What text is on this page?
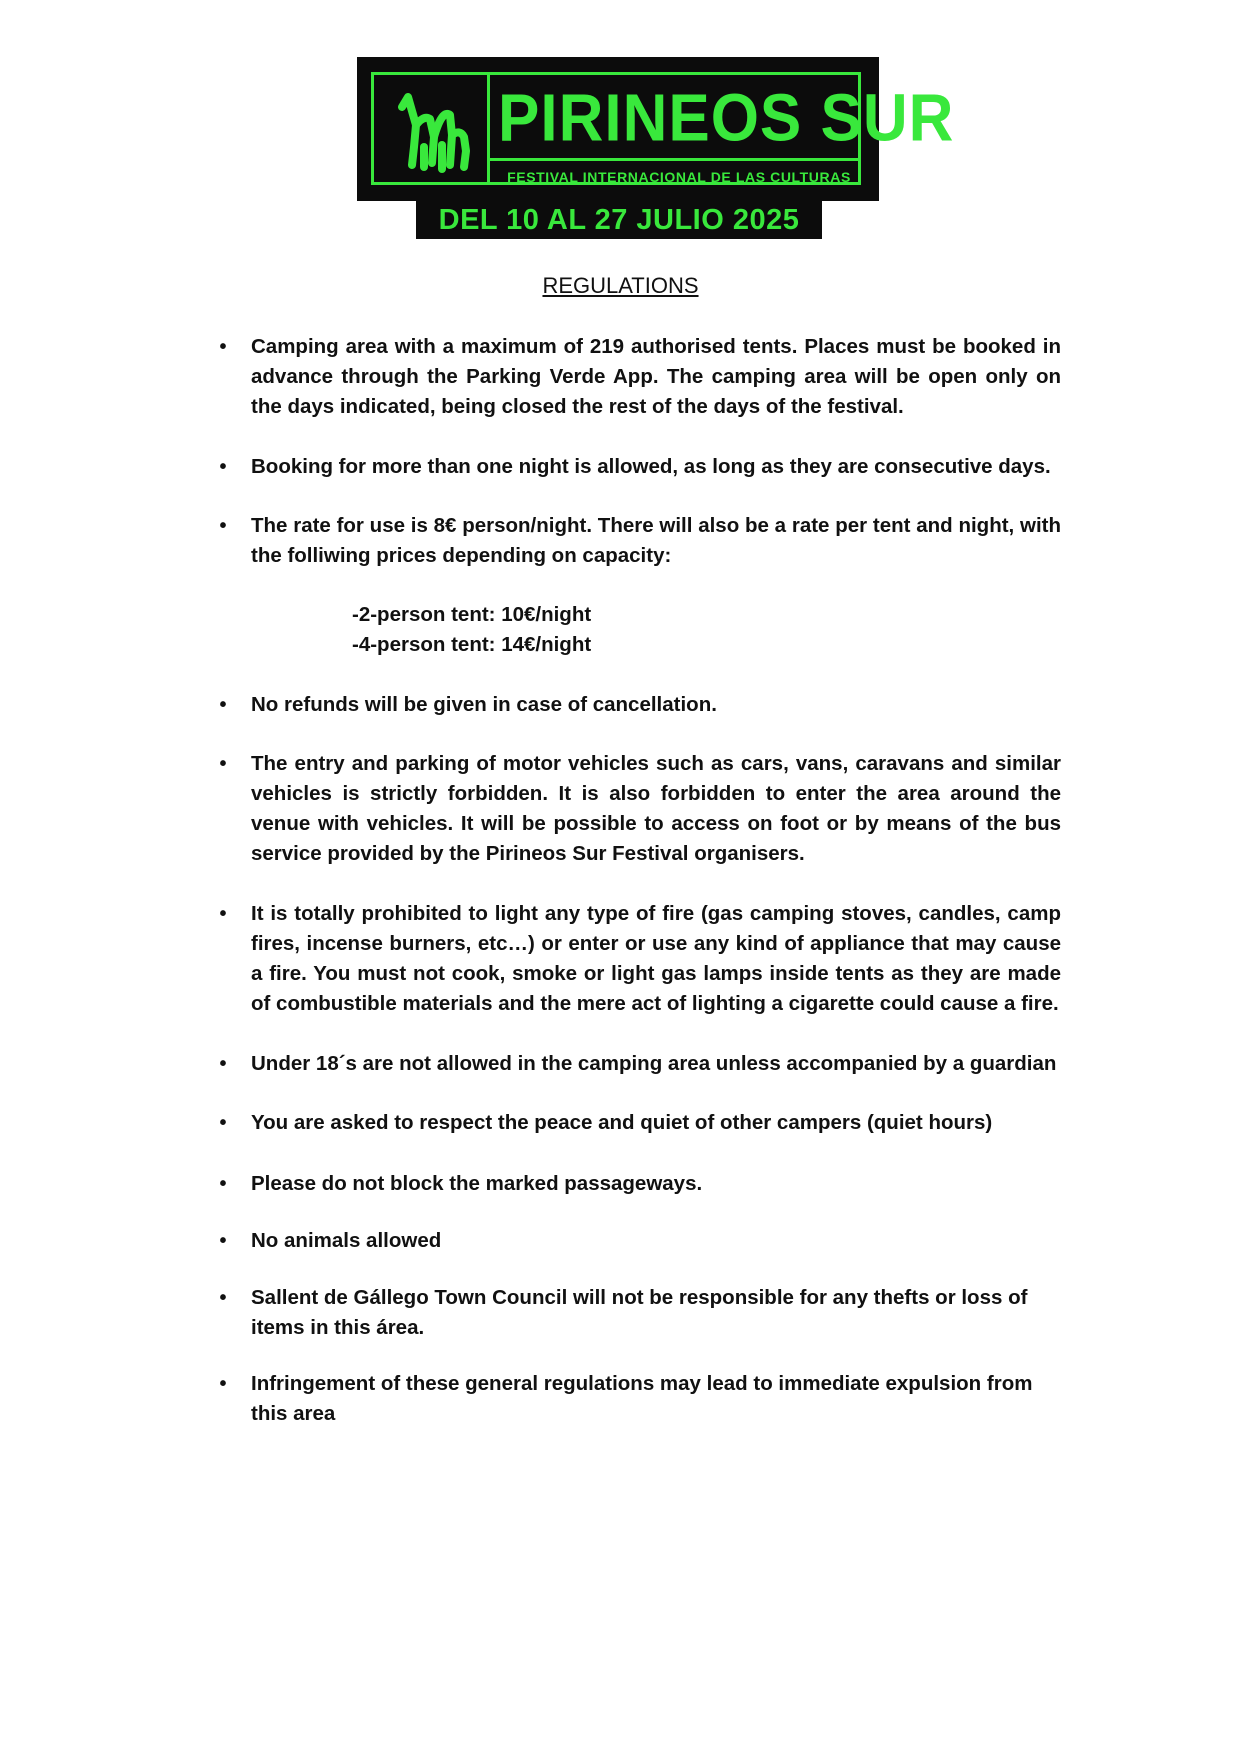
PIRINEOS SUR
FESTIVAL INTERNACIONAL DE LAS CULTURAS
DEL 10 AL 27 JULIO 2025
REGULATIONS
•	Camping area with a maximum of 219 authorised tents. Places must be booked in advance through the Parking Verde App. The camping area will be open only on the days indicated, being closed the rest of the days of the festival.
•	Booking for more than one night is allowed, as long as they are consecutive days.
•	The rate for use is 8€ person/night. There will also be a rate per tent and night, with the folliwing prices depending on capacity:
•	No refunds will be given in case of cancellation.
•	The entry and parking of motor vehicles such as cars, vans, caravans and similar vehicles is strictly forbidden. It is also forbidden to enter the area around the venue with vehicles. It will be possible to access on foot or by means of the bus service provided by the Pirineos Sur Festival organisers.
•	It is totally prohibited to light any type of fire (gas camping stoves, candles, camp fires, incense burners, etc…) or enter or use any kind of appliance that may cause a fire. You must not cook, smoke or light gas lamps inside tents as they are made of combustible materials and the mere act of lighting a cigarette could cause a fire.
•	Under 18´s are not allowed in the camping area unless accompanied by a guardian
•	You are asked to respect the peace and quiet of other campers (quiet hours)
•	Please do not block the marked passageways.
•	No animals allowed
•	Sallent de Gállego Town Council will not be responsible for any thefts or loss of items in this área.
•	Infringement of these general regulations may lead to immediate expulsion from this area
-2-person tent: 10€/night
-4-person tent: 14€/night
